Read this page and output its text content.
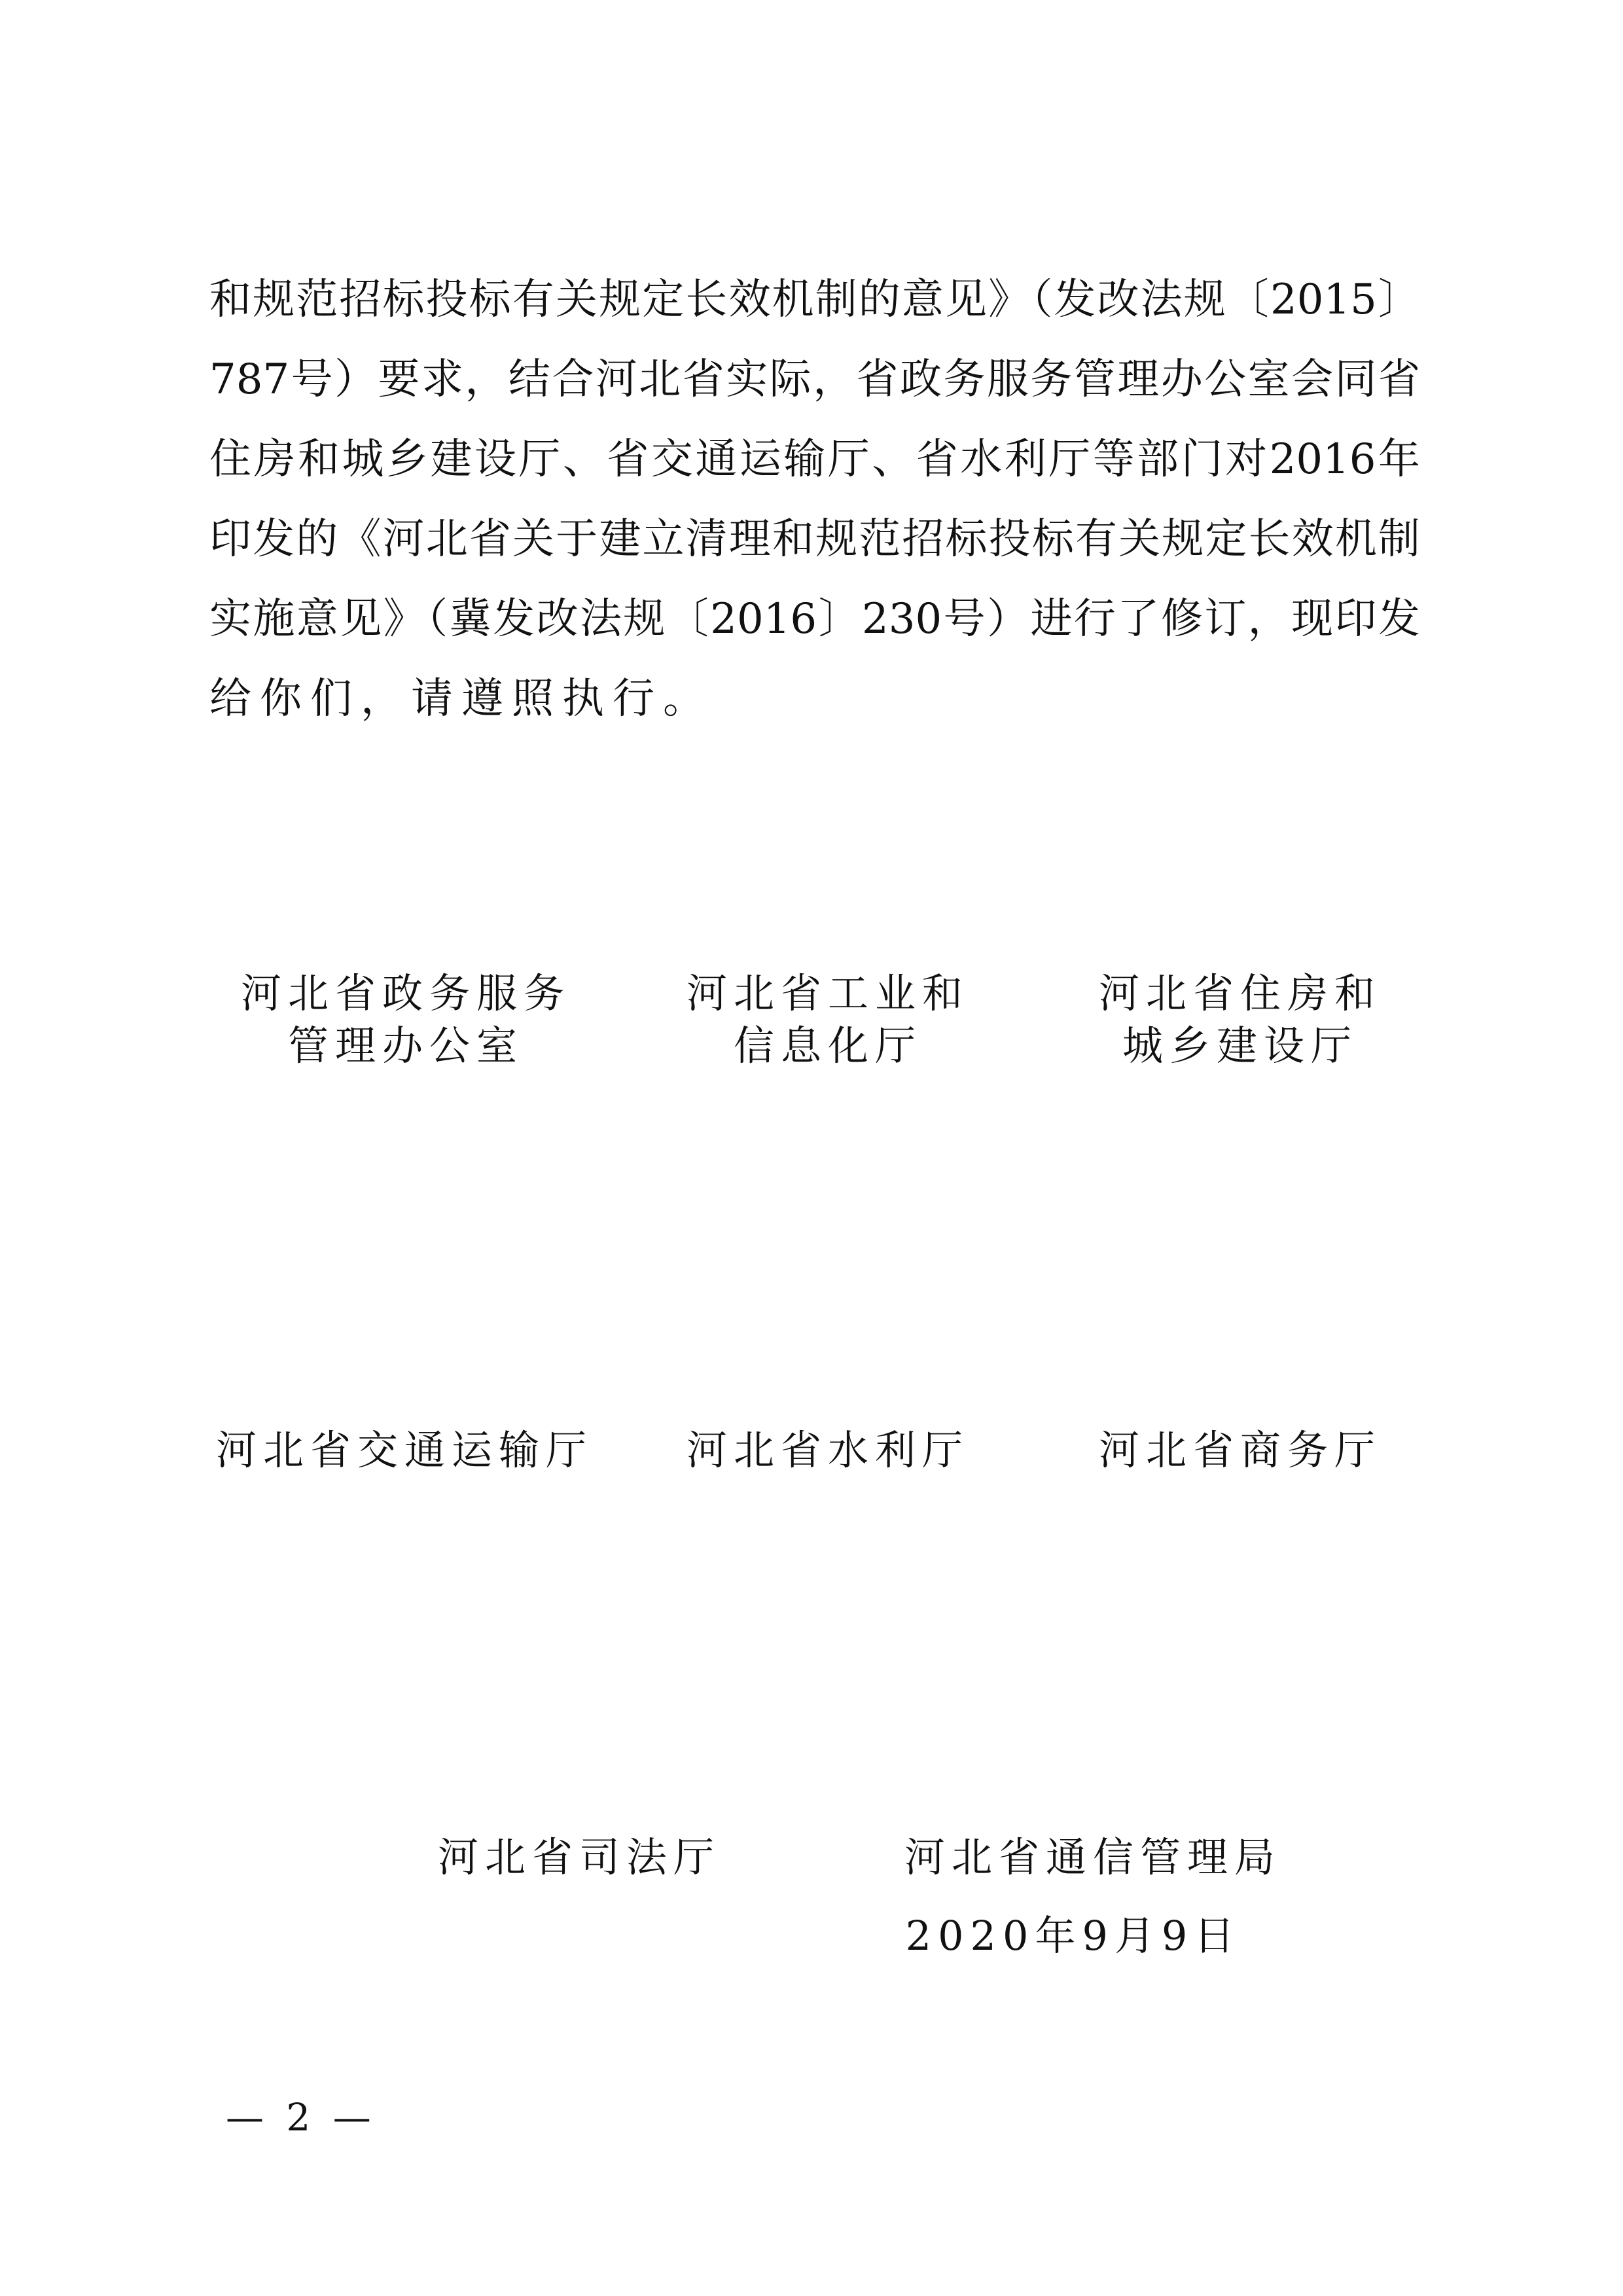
和规范招标投标有关规定长效机制的意见》（发改法规〔2015〕
787号）要求，结合河北省实际，省政务服务管理办公室会同省
住房和城乡建设厅、省交通运输厅、省水利厅等部门对2016年
印发的《河北省关于建立清理和规范招标投标有关规定长效机制
实施意见》（冀发改法规〔2016〕230号）进行了修订，现印发
给你们，请遵照执行。
河北省政务服务
管理办公室
河北省工业和
信息化厅
河北省住房和
城乡建设厅
河北省交通运输厅	河北省水利厅	河北省商务厅
河北省司法厅	河北省通信管理局
2020年9月9日
— 2 —
